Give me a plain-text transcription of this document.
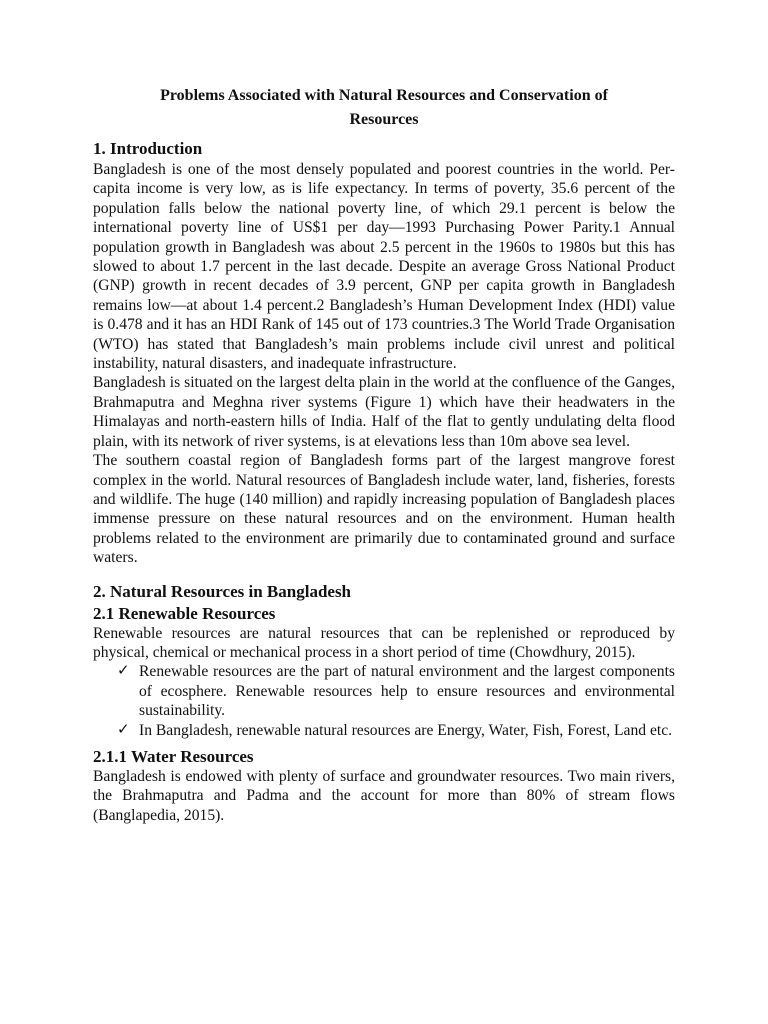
Problems Associated with Natural Resources and Conservation of
Resources
1. Introduction

Bangladesh is one of the most densely populated and poorest countries in the world. Per-capita income is very low, as is life expectancy. In terms of poverty, 35.6 percent of the population falls below the national poverty line, of which 29.1 percent is below the international poverty line of US$1 per day—1993 Purchasing Power Parity.1 Annual population growth in Bangladesh was about 2.5 percent in the 1960s to 1980s but this has slowed to about 1.7 percent in the last decade. Despite an average Gross National Product (GNP) growth in recent decades of 3.9 percent, GNP per capita growth in Bangladesh remains low—at about 1.4 percent.2 Bangladesh’s Human Development Index (HDI) value is 0.478 and it has an HDI Rank of 145 out of 173 countries.3 The World Trade Organisation (WTO) has stated that Bangladesh’s main problems include civil unrest and political instability, natural disasters, and inadequate infrastructure.

Bangladesh is situated on the largest delta plain in the world at the confluence of the Ganges, Brahmaputra and Meghna river systems (Figure 1) which have their headwaters in the Himalayas and north-eastern hills of India. Half of the flat to gently undulating delta flood plain, with its network of river systems, is at elevations less than 10m above sea level.

The southern coastal region of Bangladesh forms part of the largest mangrove forest complex in the world. Natural resources of Bangladesh include water, land, fisheries, forests and wildlife. The huge (140 million) and rapidly increasing population of Bangladesh places immense pressure on these natural resources and on the environment. Human health problems related to the environment are primarily due to contaminated ground and surface waters.

2. Natural Resources in Bangladesh
2.1 Renewable Resources

Renewable resources are natural resources that can be replenished or reproduced by physical, chemical or mechanical process in a short period of time (Chowdhury, 2015).

✓ Renewable resources are the part of natural environment and the largest components of ecosphere. Renewable resources help to ensure resources and environmental sustainability.
✓ In Bangladesh, renewable natural resources are Energy, Water, Fish, Forest, Land etc.
2.1.1 Water Resources

Bangladesh is endowed with plenty of surface and groundwater resources. Two main rivers, the Brahmaputra and Padma and the account for more than 80% of stream flows (Banglapedia, 2015).
